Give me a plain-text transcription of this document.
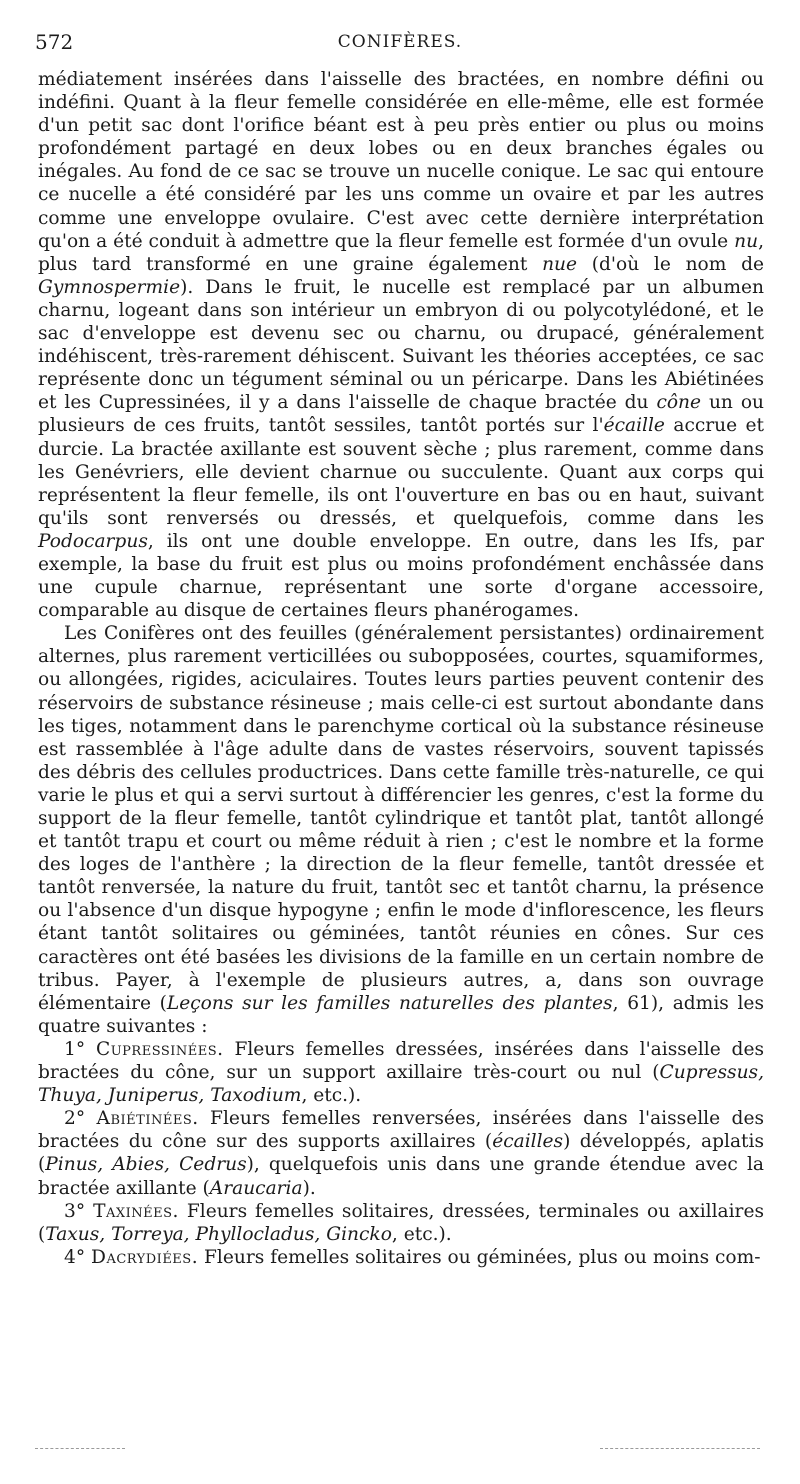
572	CONIFÈRES.

médiatement insérées dans l'aisselle des bractées, en nombre défini ou indéfini. Quant à la fleur femelle considérée en elle-même, elle est formée d'un petit sac dont l'orifice béant est à peu près entier ou plus ou moins profondément partagé en deux lobes ou en deux branches égales ou inégales. Au fond de ce sac se trouve un nucelle conique. Le sac qui entoure ce nucelle a été considéré par les uns comme un ovaire et par les autres comme une enveloppe ovulaire. C'est avec cette dernière interprétation qu'on a été conduit à admettre que la fleur femelle est formée d'un ovule nu, plus tard transformé en une graine également nue (d'où le nom de Gymnospermie). Dans le fruit, le nucelle est remplacé par un albumen charnu, logeant dans son intérieur un embryon di ou polycotylédoné, et le sac d'enveloppe est devenu sec ou charnu, ou drupacé, généralement indéhiscent, très-rarement déhiscent. Suivant les théories acceptées, ce sac représente donc un tégument séminal ou un péricarpe. Dans les Abiétinées et les Cupressinées, il y a dans l'aisselle de chaque bractée du cône un ou plusieurs de ces fruits, tantôt sessiles, tantôt portés sur l'écaille accrue et durcie. La bractée axillante est souvent sèche ; plus rarement, comme dans les Genévriers, elle devient charnue ou succulente. Quant aux corps qui représentent la fleur femelle, ils ont l'ouverture en bas ou en haut, suivant qu'ils sont renversés ou dressés, et quelquefois, comme dans les Podocarpus, ils ont une double enveloppe. En outre, dans les Ifs, par exemple, la base du fruit est plus ou moins profondément enchâssée dans une cupule charnue, représentant une sorte d'organe accessoire, comparable au disque de certaines fleurs phanérogames.

Les Conifères ont des feuilles (généralement persistantes) ordinairement alternes, plus rarement verticillées ou subopposées, courtes, squamiformes, ou allongées, rigides, aciculaires. Toutes leurs parties peuvent contenir des réservoirs de substance résineuse ; mais celle-ci est surtout abondante dans les tiges, notamment dans le parenchyme cortical où la substance résineuse est rassemblée à l'âge adulte dans de vastes réservoirs, souvent tapissés des débris des cellules productrices. Dans cette famille très-naturelle, ce qui varie le plus et qui a servi surtout à différencier les genres, c'est la forme du support de la fleur femelle, tantôt cylindrique et tantôt plat, tantôt allongé et tantôt trapu et court ou même réduit à rien ; c'est le nombre et la forme des loges de l'anthère ; la direction de la fleur femelle, tantôt dressée et tantôt renversée, la nature du fruit, tantôt sec et tantôt charnu, la présence ou l'absence d'un disque hypogyne ; enfin le mode d'inflorescence, les fleurs étant tantôt solitaires ou géminées, tantôt réunies en cônes. Sur ces caractères ont été basées les divisions de la famille en un certain nombre de tribus. Payer, à l'exemple de plusieurs autres, a, dans son ouvrage élémentaire (Leçons sur les familles naturelles des plantes, 61), admis les quatre suivantes :

1° Cupressinées. Fleurs femelles dressées, insérées dans l'aisselle des bractées du cône, sur un support axillaire très-court ou nul (Cupressus, Thuya, Juniperus, Taxodium, etc.).

2° Abiétinées. Fleurs femelles renversées, insérées dans l'aisselle des bractées du cône sur des supports axillaires (écailles) développés, aplatis (Pinus, Abies, Cedrus), quelquefois unis dans une grande étendue avec la bractée axillante (Araucaria).

3° Taxinées. Fleurs femelles solitaires, dressées, terminales ou axillaires (Taxus, Torreya, Phyllocladus, Gincko, etc.).

4° Dacrydiées. Fleurs femelles solitaires ou géminées, plus ou moins com-
